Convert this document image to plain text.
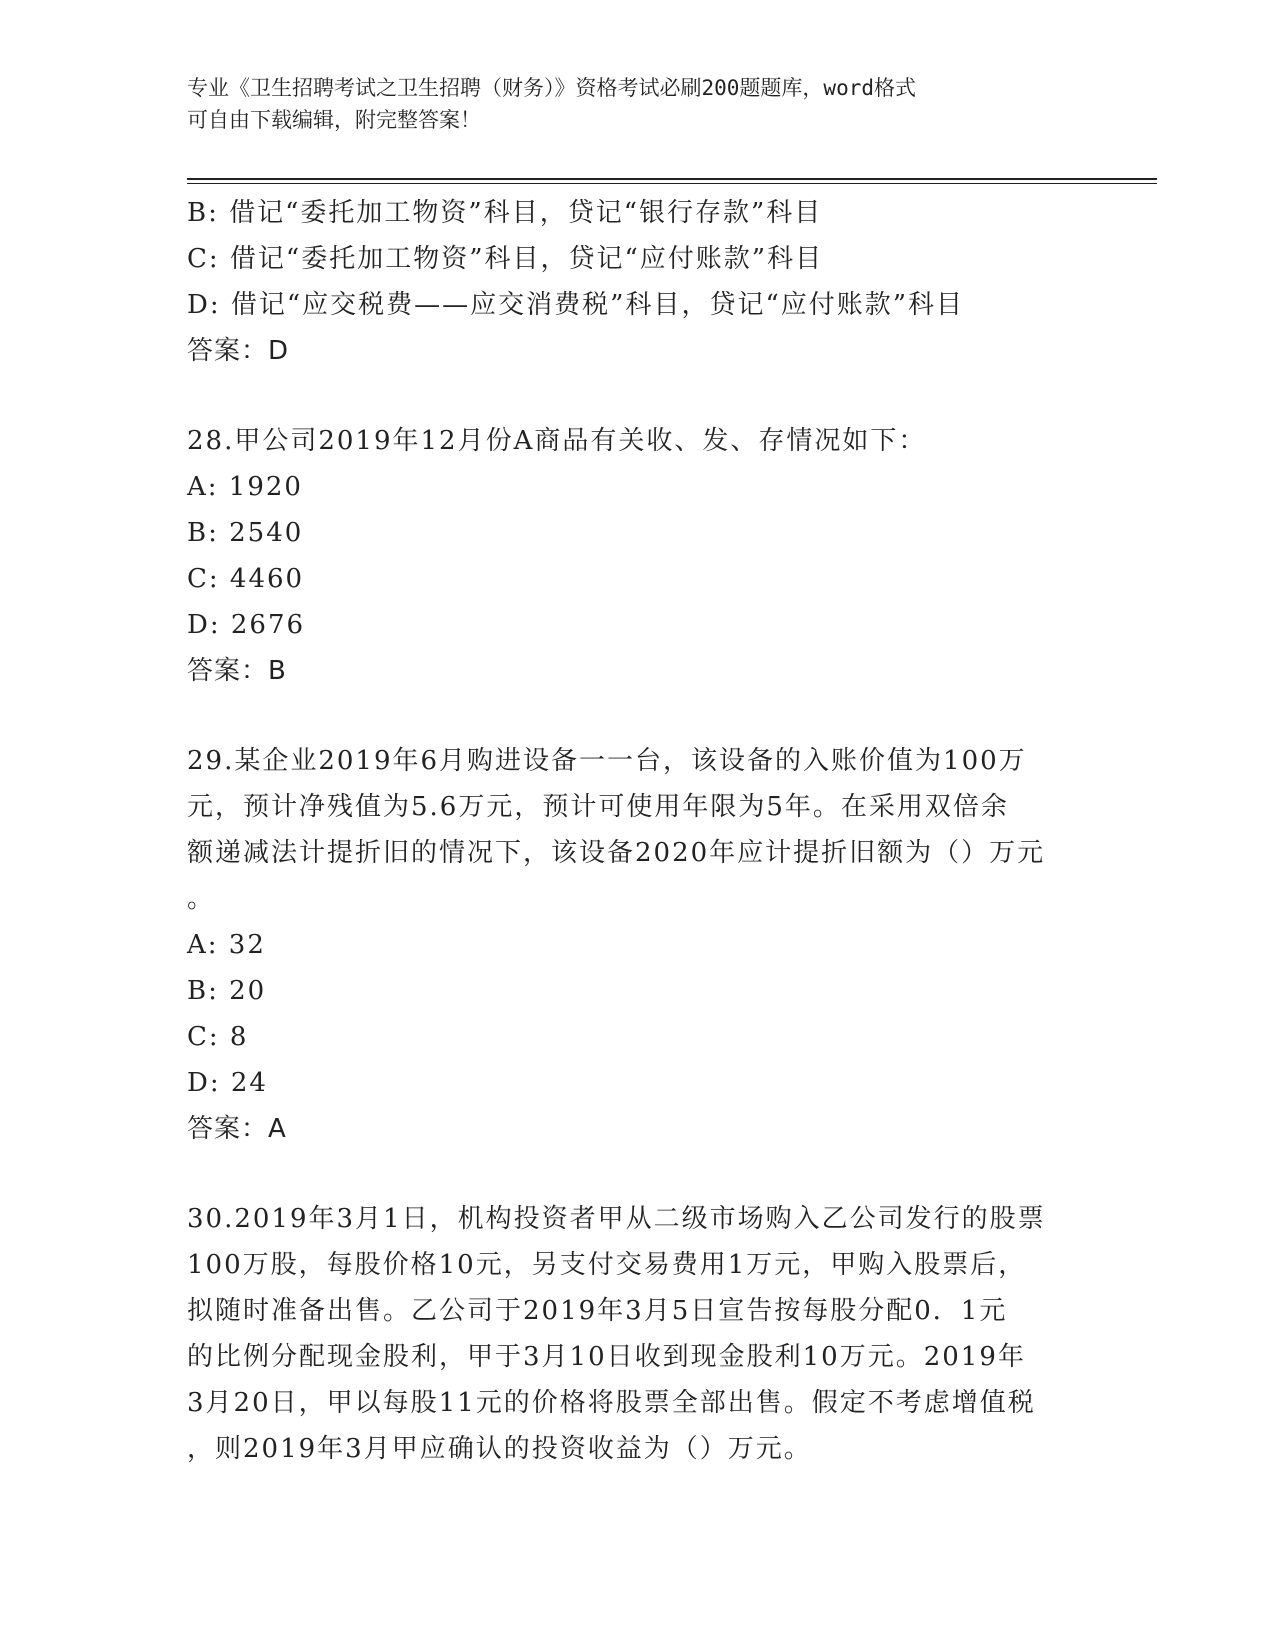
专业《卫生招聘考试之卫生招聘（财务）》资格考试必刷200题题库，word格式
可自由下载编辑，附完整答案！
B: 借记“委托加工物资”科目，贷记“银行存款”科目
C: 借记“委托加工物资”科目，贷记“应付账款”科目
D: 借记“应交税费——应交消费税”科目，贷记“应付账款”科目
答案：D
28.甲公司2019年12月份A商品有关收、发、存情况如下：
A: 1920
B: 2540
C: 4460
D: 2676
答案：B
29.某企业2019年6月购进设备一一台，该设备的入账价值为100万
元，预计净残值为5.6万元，预计可使用年限为5年。在采用双倍余
额递减法计提折旧的情况下，该设备2020年应计提折旧额为（）万元
。
A: 32
B: 20
C: 8
D: 24
答案：A
30.2019年3月1日，机构投资者甲从二级市场购入乙公司发行的股票
100万股，每股价格10元，另支付交易费用1万元，甲购入股票后，
拟随时准备出售。乙公司于2019年3月5日宣告按每股分配0．1元
的比例分配现金股利，甲于3月10日收到现金股利10万元。2019年
3月20日，甲以每股11元的价格将股票全部出售。假定不考虑增值税
，则2019年3月甲应确认的投资收益为（）万元。
